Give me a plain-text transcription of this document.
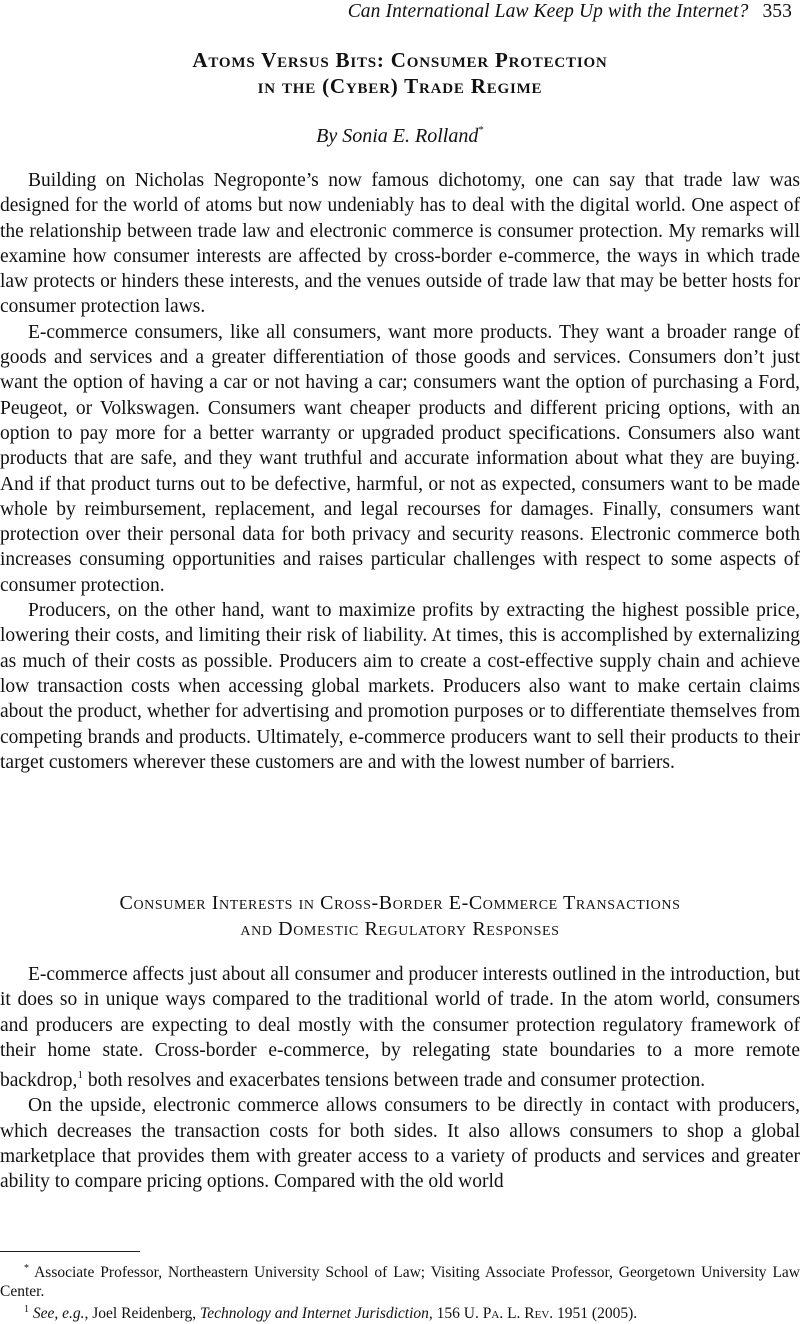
Can International Law Keep Up with the Internet? 353
Atoms Versus Bits: Consumer Protection
in the (Cyber) Trade Regime
By Sonia E. Rolland*

Building on Nicholas Negroponte’s now famous dichotomy, one can say that trade law was designed for the world of atoms but now undeniably has to deal with the digital world. One aspect of the relationship between trade law and electronic commerce is consumer protection. My remarks will examine how consumer interests are affected by cross-border e-commerce, the ways in which trade law protects or hinders these interests, and the venues outside of trade law that may be better hosts for consumer protection laws.

E-commerce consumers, like all consumers, want more products. They want a broader range of goods and services and a greater differentiation of those goods and services. Consumers don’t just want the option of having a car or not having a car; consumers want the option of purchasing a Ford, Peugeot, or Volkswagen. Consumers want cheaper products and different pricing options, with an option to pay more for a better warranty or upgraded product specifications. Consumers also want products that are safe, and they want truthful and accurate information about what they are buying. And if that product turns out to be defective, harmful, or not as expected, consumers want to be made whole by reimbursement, replacement, and legal recourses for damages. Finally, consumers want protection over their personal data for both privacy and security reasons. Electronic commerce both increases consuming opportunities and raises particular challenges with respect to some aspects of consumer protection.

Producers, on the other hand, want to maximize profits by extracting the highest possible price, lowering their costs, and limiting their risk of liability. At times, this is accomplished by externalizing as much of their costs as possible. Producers aim to create a cost-effective supply chain and achieve low transaction costs when accessing global markets. Producers also want to make certain claims about the product, whether for advertising and promotion purposes or to differentiate themselves from competing brands and products. Ultimately, e-commerce producers want to sell their products to their target customers wherever these customers are and with the lowest number of barriers.

Consumer Interests in Cross-Border E-Commerce Transactions
and Domestic Regulatory Responses

E-commerce affects just about all consumer and producer interests outlined in the introduction, but it does so in unique ways compared to the traditional world of trade. In the atom world, consumers and producers are expecting to deal mostly with the consumer protection regulatory framework of their home state. Cross-border e-commerce, by relegating state boundaries to a more remote backdrop,$^1$ both resolves and exacerbates tensions between trade and consumer protection.

On the upside, electronic commerce allows consumers to be directly in contact with producers, which decreases the transaction costs for both sides. It also allows consumers to shop a global marketplace that provides them with greater access to a variety of products and services and greater ability to compare pricing options. Compared with the old world

* Associate Professor, Northeastern University School of Law; Visiting Associate Professor, Georgetown University Law Center.

$^1$ See, e.g., Joel Reidenberg, Technology and Internet Jurisdiction, 156 U. Pa. L. Rev. 1951 (2005).
